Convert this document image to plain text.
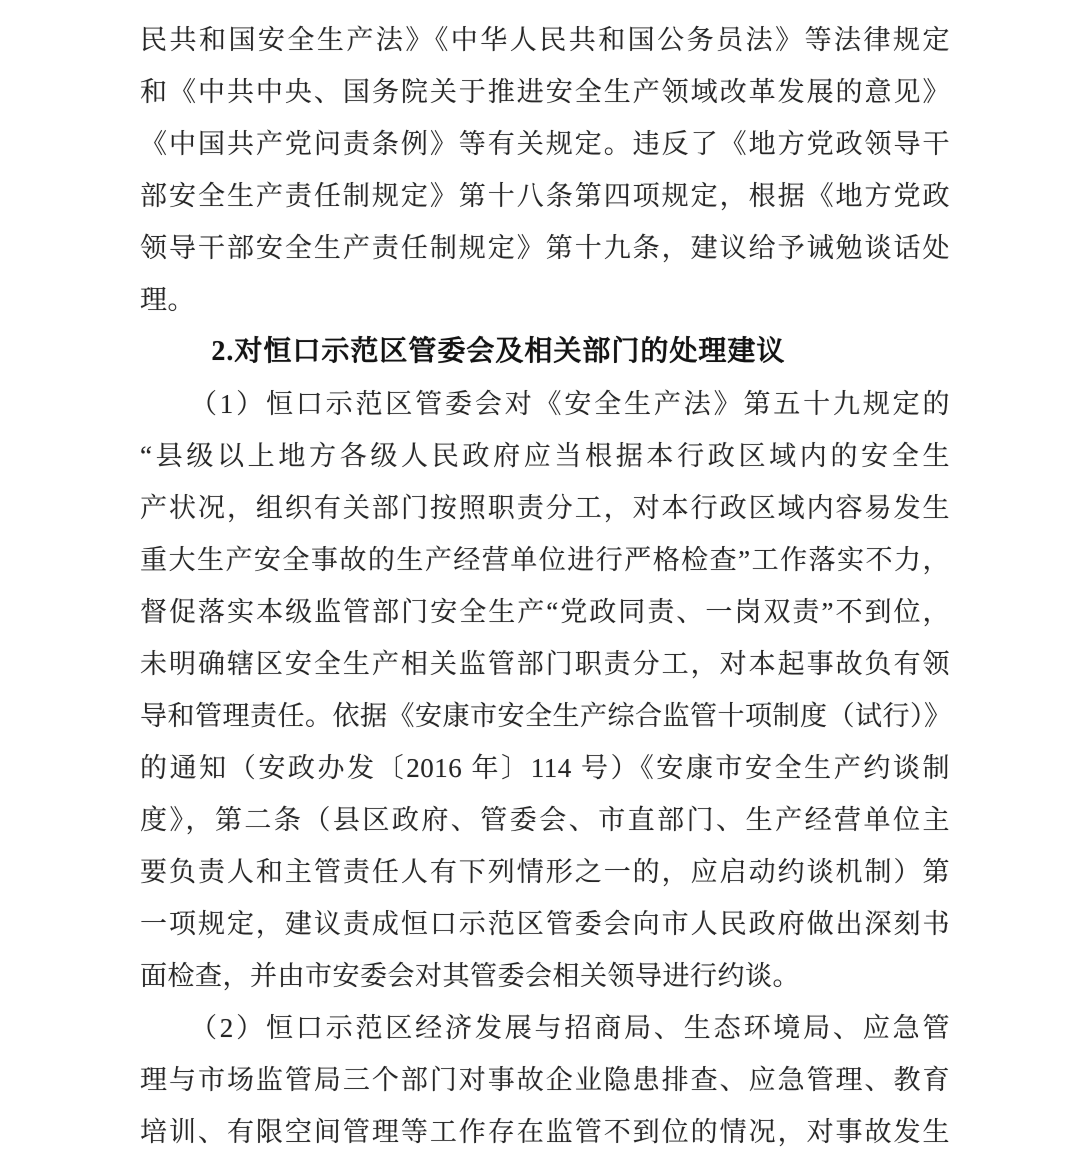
民共和国安全生产法》《中华人民共和国公务员法》等法律规定
和《中共中央、国务院关于推进安全生产领域改革发展的意见》
《中国共产党问责条例》等有关规定。违反了《地方党政领导干
部安全生产责任制规定》第十八条第四项规定，根据《地方党政
领导干部安全生产责任制规定》第十九条，建议给予诫勉谈话处
理。
2.对恒口示范区管委会及相关部门的处理建议
（1）恒口示范区管委会对《安全生产法》第五十九规定的
“县级以上地方各级人民政府应当根据本行政区域内的安全生
产状况，组织有关部门按照职责分工，对本行政区域内容易发生
重大生产安全事故的生产经营单位进行严格检查”工作落实不力，
督促落实本级监管部门安全生产“党政同责、一岗双责”不到位，
未明确辖区安全生产相关监管部门职责分工，对本起事故负有领
导和管理责任。依据《安康市安全生产综合监管十项制度（试行）》
的通知（安政办发〔2016 年〕114 号）《安康市安全生产约谈制
度》，第二条（县区政府、管委会、市直部门、生产经营单位主
要负责人和主管责任人有下列情形之一的，应启动约谈机制）第
一项规定，建议责成恒口示范区管委会向市人民政府做出深刻书
面检查，并由市安委会对其管委会相关领导进行约谈。
（2）恒口示范区经济发展与招商局、生态环境局、应急管
理与市场监管局三个部门对事故企业隐患排查、应急管理、教育
培训、有限空间管理等工作存在监管不到位的情况，对事故发生
